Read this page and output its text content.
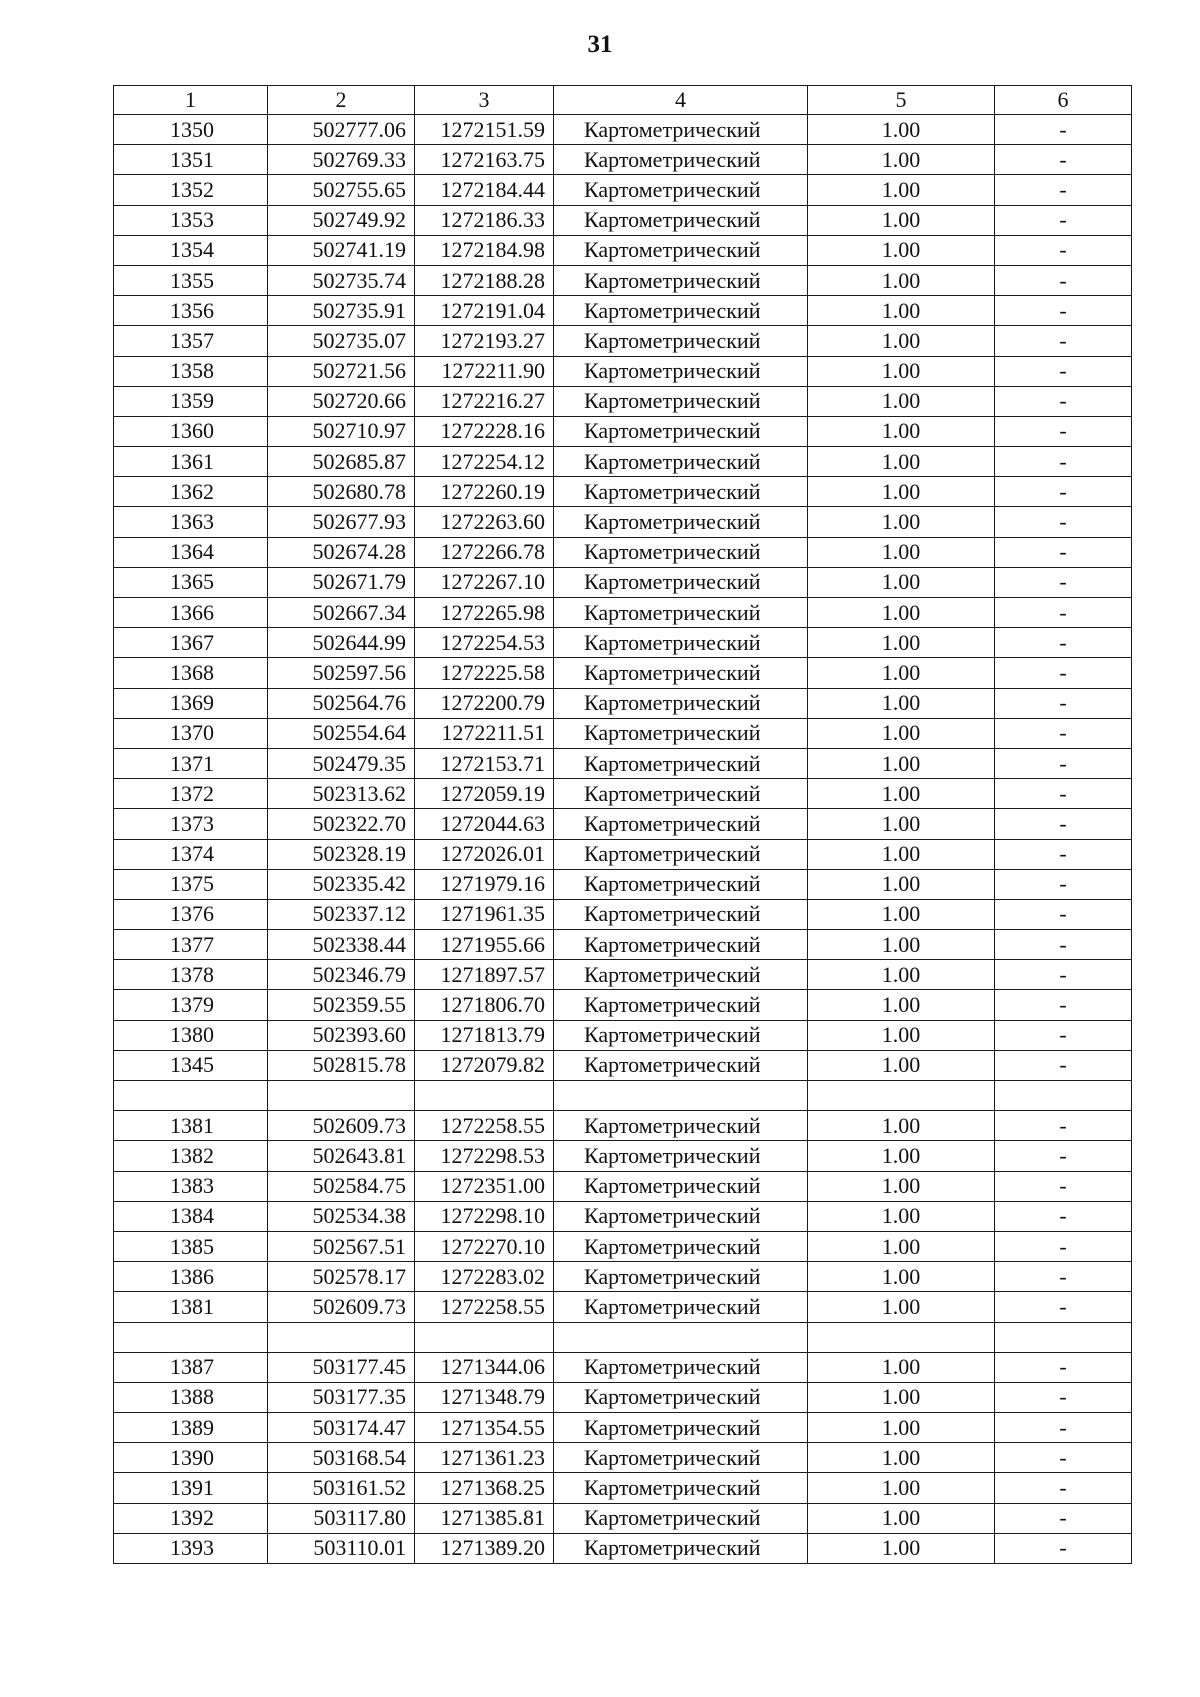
31
1	2	3	4	5	6
1350	502777.06	1272151.59	Картометрический	1.00	-
1351	502769.33	1272163.75	Картометрический	1.00	-
1352	502755.65	1272184.44	Картометрический	1.00	-
1353	502749.92	1272186.33	Картометрический	1.00	-
1354	502741.19	1272184.98	Картометрический	1.00	-
1355	502735.74	1272188.28	Картометрический	1.00	-
1356	502735.91	1272191.04	Картометрический	1.00	-
1357	502735.07	1272193.27	Картометрический	1.00	-
1358	502721.56	1272211.90	Картометрический	1.00	-
1359	502720.66	1272216.27	Картометрический	1.00	-
1360	502710.97	1272228.16	Картометрический	1.00	-
1361	502685.87	1272254.12	Картометрический	1.00	-
1362	502680.78	1272260.19	Картометрический	1.00	-
1363	502677.93	1272263.60	Картометрический	1.00	-
1364	502674.28	1272266.78	Картометрический	1.00	-
1365	502671.79	1272267.10	Картометрический	1.00	-
1366	502667.34	1272265.98	Картометрический	1.00	-
1367	502644.99	1272254.53	Картометрический	1.00	-
1368	502597.56	1272225.58	Картометрический	1.00	-
1369	502564.76	1272200.79	Картометрический	1.00	-
1370	502554.64	1272211.51	Картометрический	1.00	-
1371	502479.35	1272153.71	Картометрический	1.00	-
1372	502313.62	1272059.19	Картометрический	1.00	-
1373	502322.70	1272044.63	Картометрический	1.00	-
1374	502328.19	1272026.01	Картометрический	1.00	-
1375	502335.42	1271979.16	Картометрический	1.00	-
1376	502337.12	1271961.35	Картометрический	1.00	-
1377	502338.44	1271955.66	Картометрический	1.00	-
1378	502346.79	1271897.57	Картометрический	1.00	-
1379	502359.55	1271806.70	Картометрический	1.00	-
1380	502393.60	1271813.79	Картометрический	1.00	-
1345	502815.78	1272079.82	Картометрический	1.00	-

1381	502609.73	1272258.55	Картометрический	1.00	-
1382	502643.81	1272298.53	Картометрический	1.00	-
1383	502584.75	1272351.00	Картометрический	1.00	-
1384	502534.38	1272298.10	Картометрический	1.00	-
1385	502567.51	1272270.10	Картометрический	1.00	-
1386	502578.17	1272283.02	Картометрический	1.00	-
1381	502609.73	1272258.55	Картометрический	1.00	-

1387	503177.45	1271344.06	Картометрический	1.00	-
1388	503177.35	1271348.79	Картометрический	1.00	-
1389	503174.47	1271354.55	Картометрический	1.00	-
1390	503168.54	1271361.23	Картометрический	1.00	-
1391	503161.52	1271368.25	Картометрический	1.00	-
1392	503117.80	1271385.81	Картометрический	1.00	-
1393	503110.01	1271389.20	Картометрический	1.00	-
